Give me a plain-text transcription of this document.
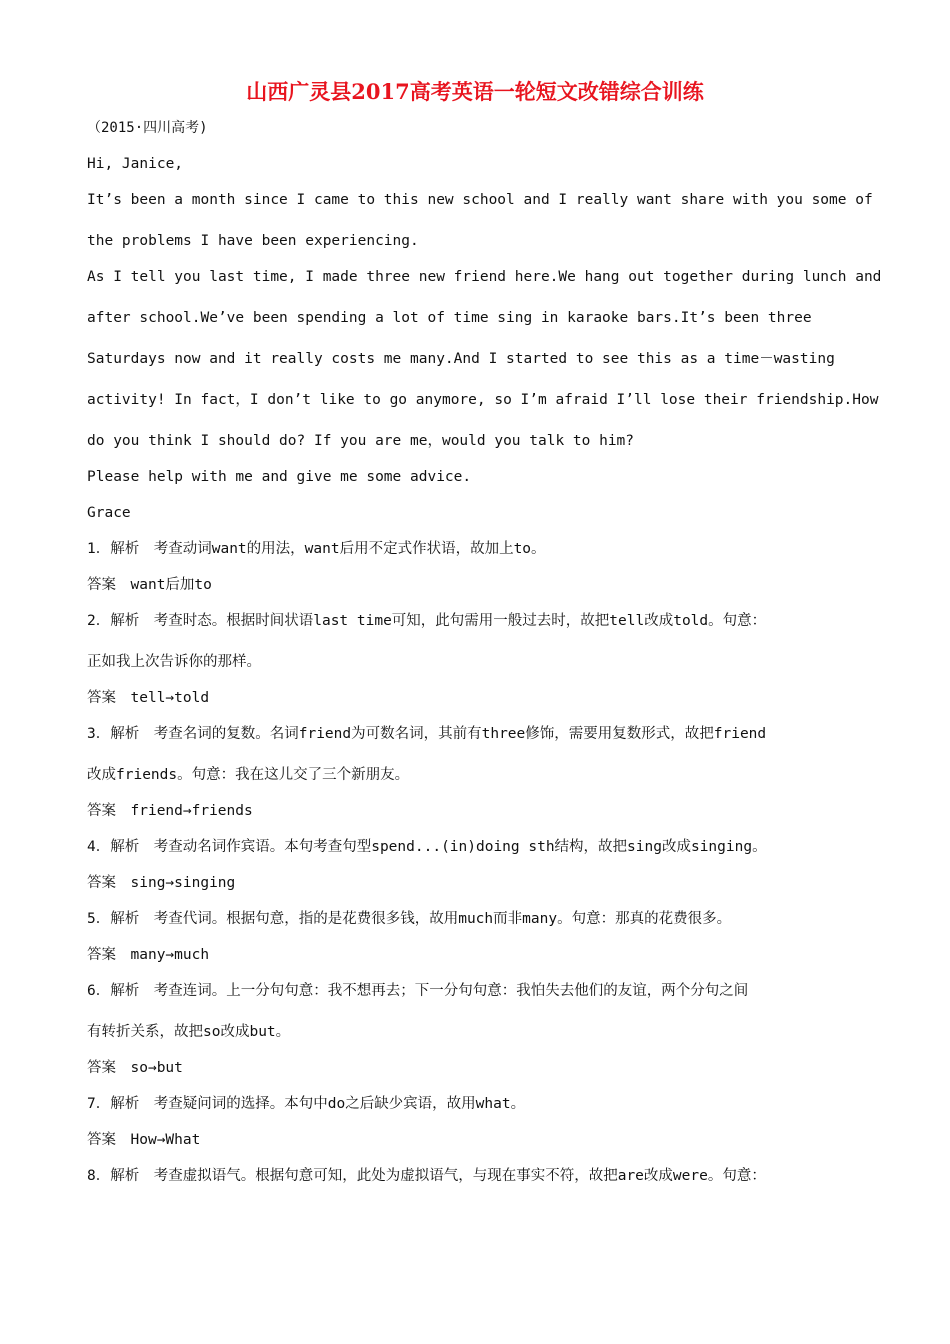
山西广灵县2017高考英语一轮短文改错综合训练
（2015·四川高考)
Hi, Janice,
It’s been a month since I came to this new school and I really want share with you some of
the problems I have been experiencing.
As I tell you last time, I made three new friend here.We hang out together during lunch and
after school.We’ve been spending a lot of time sing in karaoke bars.It’s been three
Saturdays now and it really costs me many.And I started to see this as a time－wasting
activity! In fact，I don’t like to go anymore, so I’m afraid I’ll lose their friendship.How
do you think I should do? If you are me，would you talk to him?
Please help with me and give me some advice.
Grace
1．解析　考查动词want的用法，want后用不定式作状语，故加上to。
答案　want后加to
2．解析　考查时态。根据时间状语last time可知，此句需用一般过去时，故把tell改成told。句意：
正如我上次告诉你的那样。
答案　tell→told
3．解析　考查名词的复数。名词friend为可数名词，其前有three修饰，需要用复数形式，故把friend
改成friends。句意：我在这儿交了三个新朋友。
答案　friend→friends
4．解析　考查动名词作宾语。本句考查句型spend...(in)doing sth结构，故把sing改成singing。
答案　sing→singing
5．解析　考查代词。根据句意，指的是花费很多钱，故用much而非many。句意：那真的花费很多。
答案　many→much
6．解析　考查连词。上一分句句意：我不想再去；下一分句句意：我怕失去他们的友谊，两个分句之间
有转折关系，故把so改成but。
答案　so→but
7．解析　考查疑问词的选择。本句中do之后缺少宾语，故用what。
答案　How→What
8．解析　考查虚拟语气。根据句意可知，此处为虚拟语气，与现在事实不符，故把are改成were。句意：
